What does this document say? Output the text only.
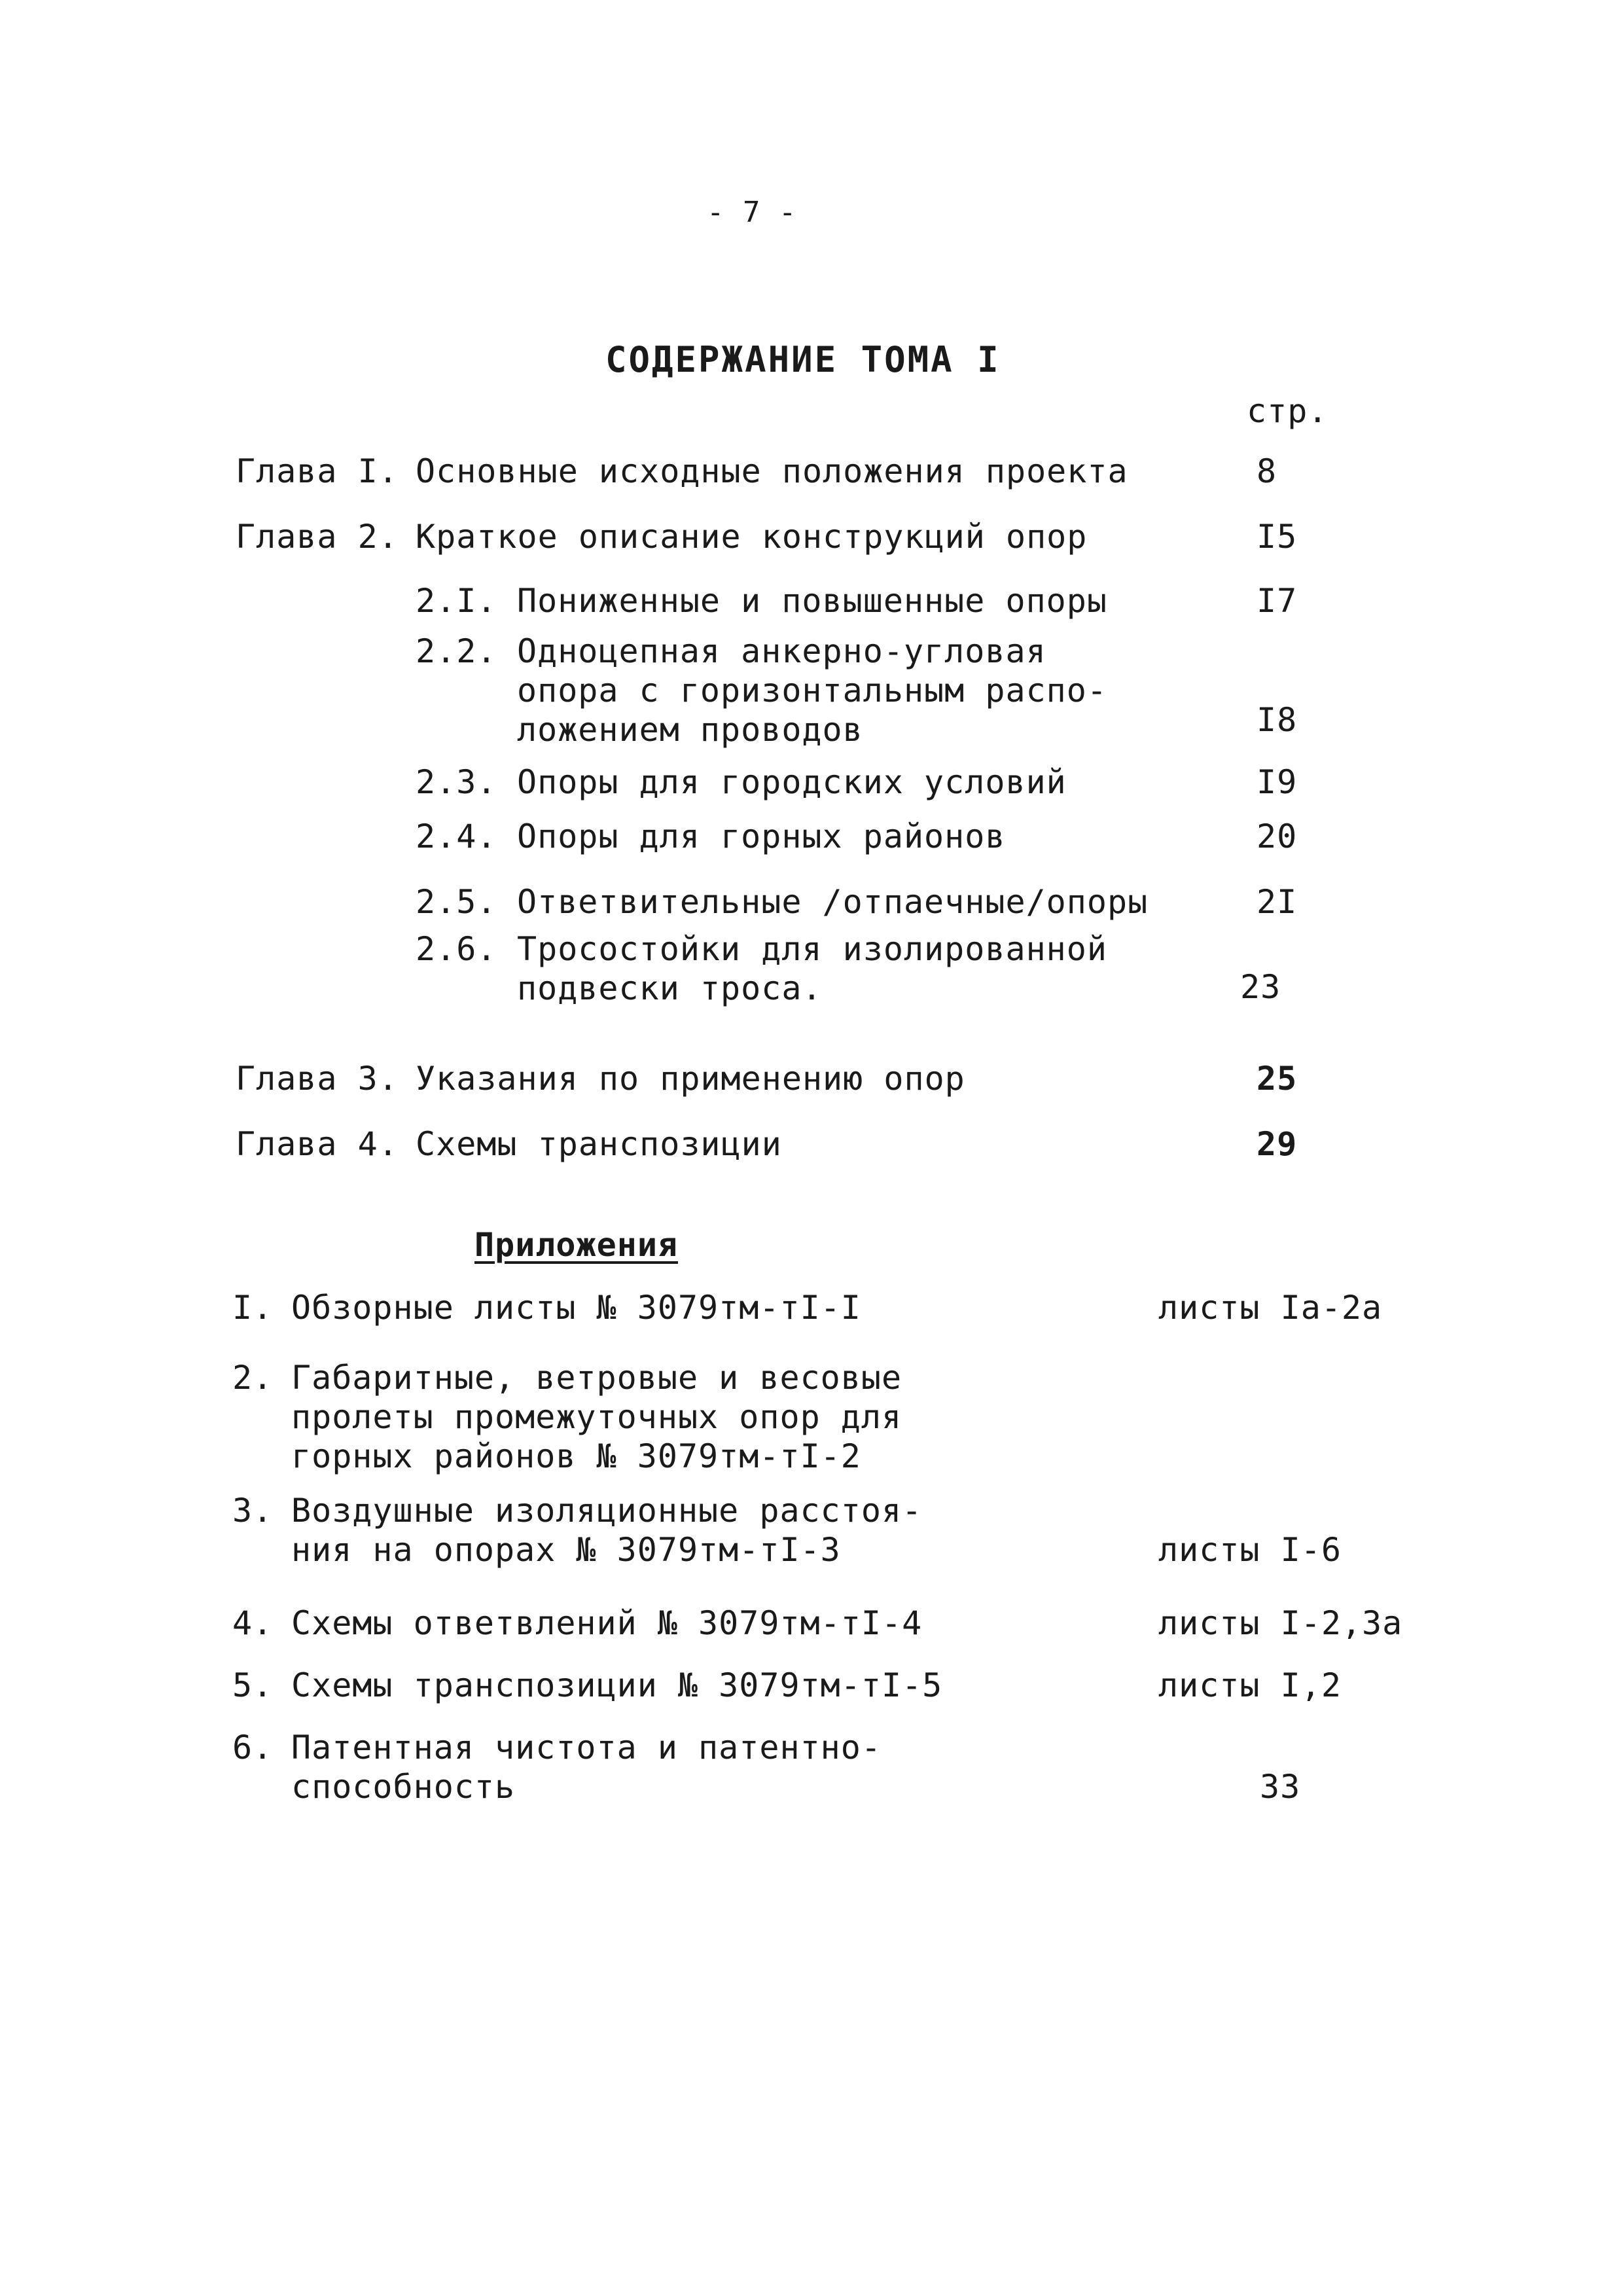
- 7 -
СОДЕРЖАНИЕ ТОМА I
стр.
Глава I. Основные исходные положения проекта	8
Глава 2. Краткое описание конструкций опор	I5
2.I. Пониженные и повышенные опоры	I7
2.2. Одноцепная анкерно-угловая
опора с горизонтальным распо-
ложением проводов	I8
2.3. Опоры для городских условий	I9
2.4. Опоры для горных районов	20
2.5. Ответвительные /отпаечные/опоры	2I
2.6. Тросостойки для изолированной
подвески троса.	23
Глава 3. Указания по применению опор	25
Глава 4. Схемы транспозиции	29
Приложения
I. Обзорные листы № 3079тм-тI-I	листы Iа-2а
2. Габаритные, ветровые и весовые
пролеты промежуточных опор для
горных районов № 3079тм-тI-2
3. Воздушные изоляционные расстоя-
ния на опорах № 3079тм-тI-3	листы I-6
4. Схемы ответвлений № 3079тм-тI-4	листы I-2,3а
5. Схемы транспозиции № 3079тм-тI-5	листы I,2
6. Патентная чистота и патентно-
способность	33
